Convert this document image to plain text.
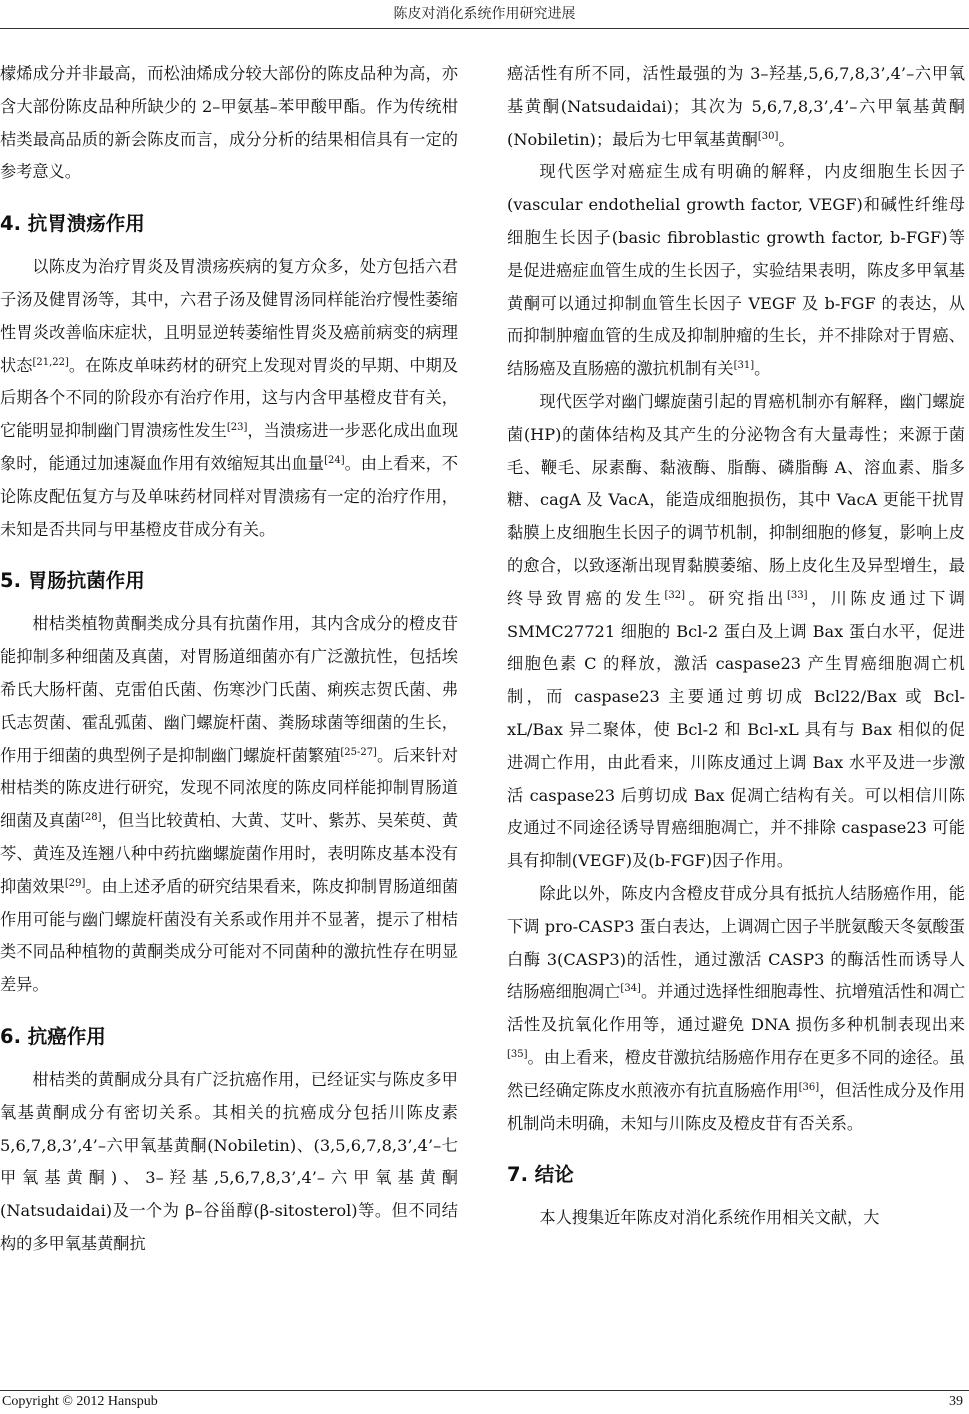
陈皮对消化系统作用研究进展

檬烯成分并非最高，而松油烯成分较大部份的陈皮品种为高，亦含大部份陈皮品种所缺少的 2–甲氨基–苯甲酸甲酯。作为传统柑桔类最高品质的新会陈皮而言，成分分析的结果相信具有一定的参考意义。

4. 抗胃溃疡作用

以陈皮为治疗胃炎及胃溃疡疾病的复方众多，处方包括六君子汤及健胃汤等，其中，六君子汤及健胃汤同样能治疗慢性萎缩性胃炎改善临床症状，且明显逆转萎缩性胃炎及癌前病变的病理状态[21,22]。在陈皮单味药材的研究上发现对胃炎的早期、中期及后期各个不同的阶段亦有治疗作用，这与内含甲基橙皮苷有关，它能明显抑制幽门胃溃疡性发生[23]，当溃疡进一步恶化成出血现象时，能通过加速凝血作用有效缩短其出血量[24]。由上看来，不论陈皮配伍复方与及单味药材同样对胃溃疡有一定的治疗作用，未知是否共同与甲基橙皮苷成分有关。

5. 胃肠抗菌作用

柑桔类植物黄酮类成分具有抗菌作用，其内含成分的橙皮苷能抑制多种细菌及真菌，对胃肠道细菌亦有广泛激抗性，包括埃希氏大肠杆菌、克雷伯氏菌、伤寒沙门氏菌、痢疾志贺氏菌、弗氏志贺菌、霍乱弧菌、幽门螺旋杆菌、粪肠球菌等细菌的生长，作用于细菌的典型例子是抑制幽门螺旋杆菌繁殖[25-27]。后来针对柑桔类的陈皮进行研究，发现不同浓度的陈皮同样能抑制胃肠道细菌及真菌[28]，但当比较黄柏、大黄、艾叶、紫苏、吴茱萸、黄芩、黄连及连翘八种中药抗幽螺旋菌作用时，表明陈皮基本没有抑菌效果[29]。由上述矛盾的研究结果看来，陈皮抑制胃肠道细菌作用可能与幽门螺旋杆菌没有关系或作用并不显著，提示了柑桔类不同品种植物的黄酮类成分可能对不同菌种的激抗性存在明显差异。

6. 抗癌作用

柑桔类的黄酮成分具有广泛抗癌作用，已经证实与陈皮多甲氧基黄酮成分有密切关系。其相关的抗癌成分包括川陈皮素 5,6,7,8,3’,4’–六甲氧基黄酮(Nobiletin)、(3,5,6,7,8,3’,4’–七甲氧基黄酮)、3–羟基,5,6,7,8,3’,4’–六甲氧基黄酮(Natsudaidai)及一个为 β–谷甾醇(β-sitosterol)等。但不同结构的多甲氧基黄酮抗

癌活性有所不同，活性最强的为 3–羟基,5,6,7,8,3’,4’–六甲氧基黄酮(Natsudaidai)；其次为 5,6,7,8,3’,4’–六甲氧基黄酮(Nobiletin)；最后为七甲氧基黄酮[30]。

现代医学对癌症生成有明确的解释，内皮细胞生长因子(vascular endothelial growth factor, VEGF)和碱性纤维母细胞生长因子(basic fibroblastic growth factor, b-FGF)等是促进癌症血管生成的生长因子，实验结果表明，陈皮多甲氧基黄酮可以通过抑制血管生长因子 VEGF 及 b-FGF 的表达，从而抑制肿瘤血管的生成及抑制肿瘤的生长，并不排除对于胃癌、结肠癌及直肠癌的激抗机制有关[31]。

现代医学对幽门螺旋菌引起的胃癌机制亦有解释，幽门螺旋菌(HP)的菌体结构及其产生的分泌物含有大量毒性；来源于菌毛、鞭毛、尿素酶、黏液酶、脂酶、磷脂酶 A、溶血素、脂多糖、cagA 及 VacA，能造成细胞损伤，其中 VacA 更能干扰胃黏膜上皮细胞生长因子的调节机制，抑制细胞的修复，影响上皮的愈合，以致逐渐出现胃黏膜萎缩、肠上皮化生及异型增生，最终导致胃癌的发生[32]。研究指出[33]，川陈皮通过下调 SMMC27721 细胞的 Bcl-2 蛋白及上调 Bax 蛋白水平，促进细胞色素 C 的释放，激活 caspase23 产生胃癌细胞凋亡机制，而 caspase23 主要通过剪切成 Bcl22/Bax 或 Bcl-xL/Bax 异二聚体，使 Bcl-2 和 Bcl-xL 具有与 Bax 相似的促进凋亡作用，由此看来，川陈皮通过上调 Bax 水平及进一步激活 caspase23 后剪切成 Bax 促凋亡结构有关。可以相信川陈皮通过不同途径诱导胃癌细胞凋亡，并不排除 caspase23 可能具有抑制(VEGF)及(b-FGF)因子作用。

除此以外，陈皮内含橙皮苷成分具有抵抗人结肠癌作用，能下调 pro-CASP3 蛋白表达，上调凋亡因子半胱氨酸天冬氨酸蛋白酶 3(CASP3)的活性，通过激活 CASP3 的酶活性而诱导人结肠癌细胞凋亡[34]。并通过选择性细胞毒性、抗增殖活性和凋亡活性及抗氧化作用等，通过避免 DNA 损伤多种机制表现出来[35]。由上看来，橙皮苷激抗结肠癌作用存在更多不同的途径。虽然已经确定陈皮水煎液亦有抗直肠癌作用[36]，但活性成分及作用机制尚未明确，未知与川陈皮及橙皮苷有否关系。

7. 结论

本人搜集近年陈皮对消化系统作用相关文献，大

Copyright © 2012 Hanspub	39
